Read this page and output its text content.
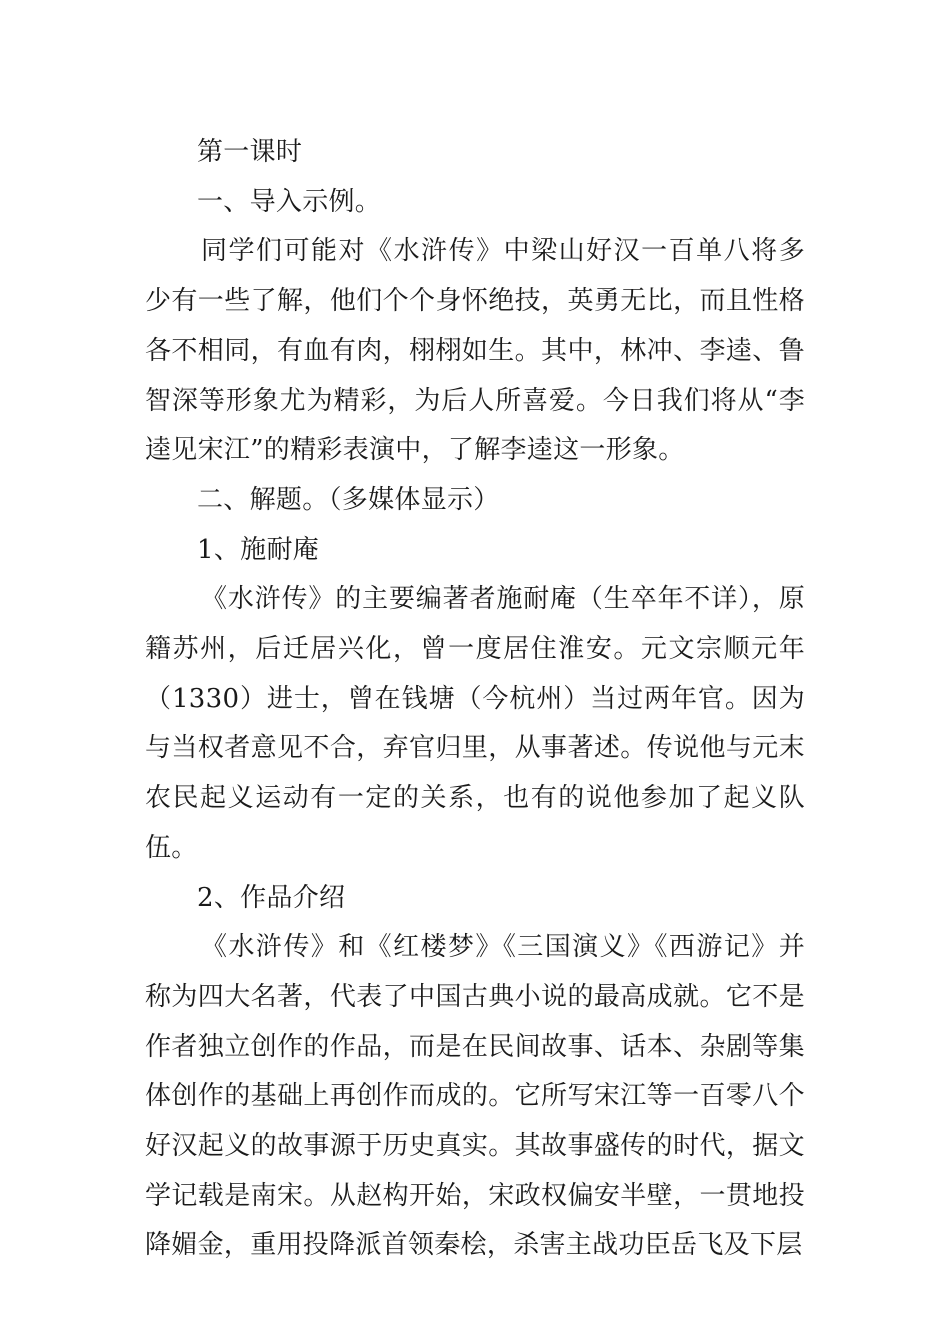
第一课时

一、导入示例。

同学们可能对《水浒传》中梁山好汉一百单八将多少有一些了解，他们个个身怀绝技，英勇无比，而且性格各不相同，有血有肉，栩栩如生。其中，林冲、李逵、鲁智深等形象尤为精彩，为后人所喜爱。今日我们将从“李逵见宋江”的精彩表演中，了解李逵这一形象。

二、解题。（多媒体显示）

1、施耐庵

《水浒传》的主要编著者施耐庵（生卒年不详），原籍苏州，后迁居兴化，曾一度居住淮安。元文宗顺元年（1330）进士，曾在钱塘（今杭州）当过两年官。因为与当权者意见不合，弃官归里，从事著述。传说他与元末农民起义运动有一定的关系，也有的说他参加了起义队伍。

2、作品介绍

《水浒传》和《红楼梦》《三国演义》《西游记》并称为四大名著，代表了中国古典小说的最高成就。它不是作者独立创作的作品，而是在民间故事、话本、杂剧等集体创作的基础上再创作而成的。它所写宋江等一百零八个好汉起义的故事源于历史真实。其故事盛传的时代，据文学记载是南宋。从赵构开始，宋政权偏安半壁，一贯地投降媚金，重用投降派首领秦桧，杀害主战功臣岳飞及下层
